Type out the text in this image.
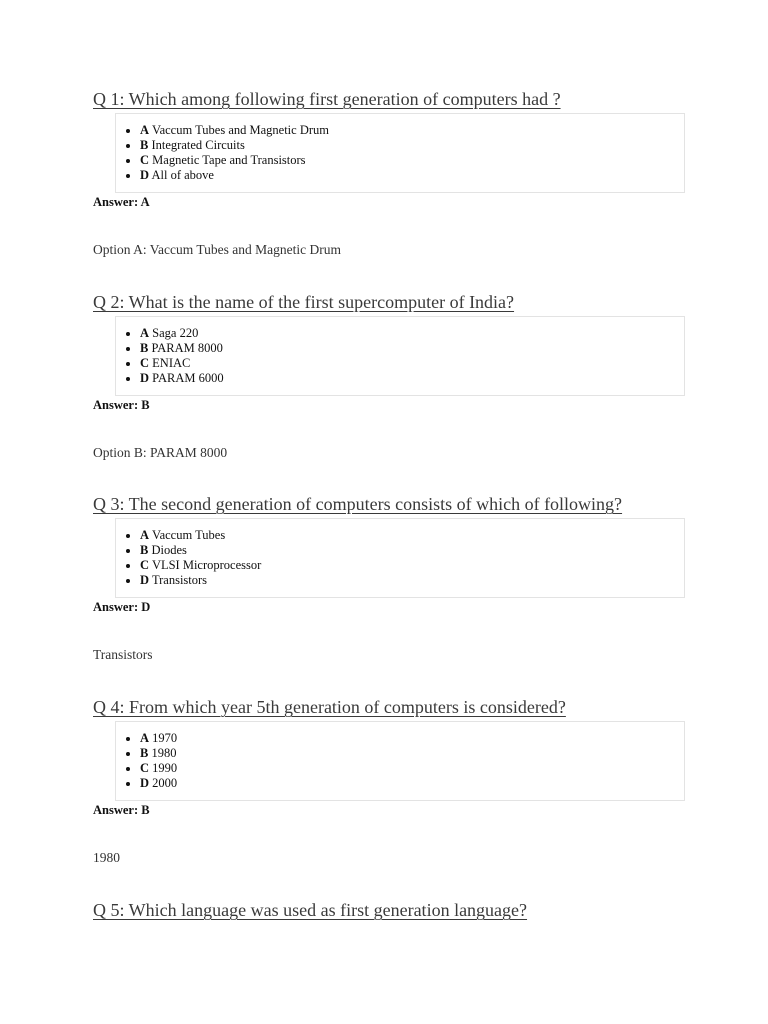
Q 1: Which among following first generation of computers had ?
• A Vaccum Tubes and Magnetic Drum
• B Integrated Circuits
• C Magnetic Tape and Transistors
• D All of above
Answer: A
Option A: Vaccum Tubes and Magnetic Drum
Q 2: What is the name of the first supercomputer of India?
• A Saga 220
• B PARAM 8000
• C ENIAC
• D PARAM 6000
Answer: B
Option B: PARAM 8000
Q 3: The second generation of computers consists of which of following?
• A Vaccum Tubes
• B Diodes
• C VLSI Microprocessor
• D Transistors
Answer: D
Transistors
Q 4: From which year 5th generation of computers is considered?
• A 1970
• B 1980
• C 1990
• D 2000
Answer: B
1980
Q 5: Which language was used as first generation language?
